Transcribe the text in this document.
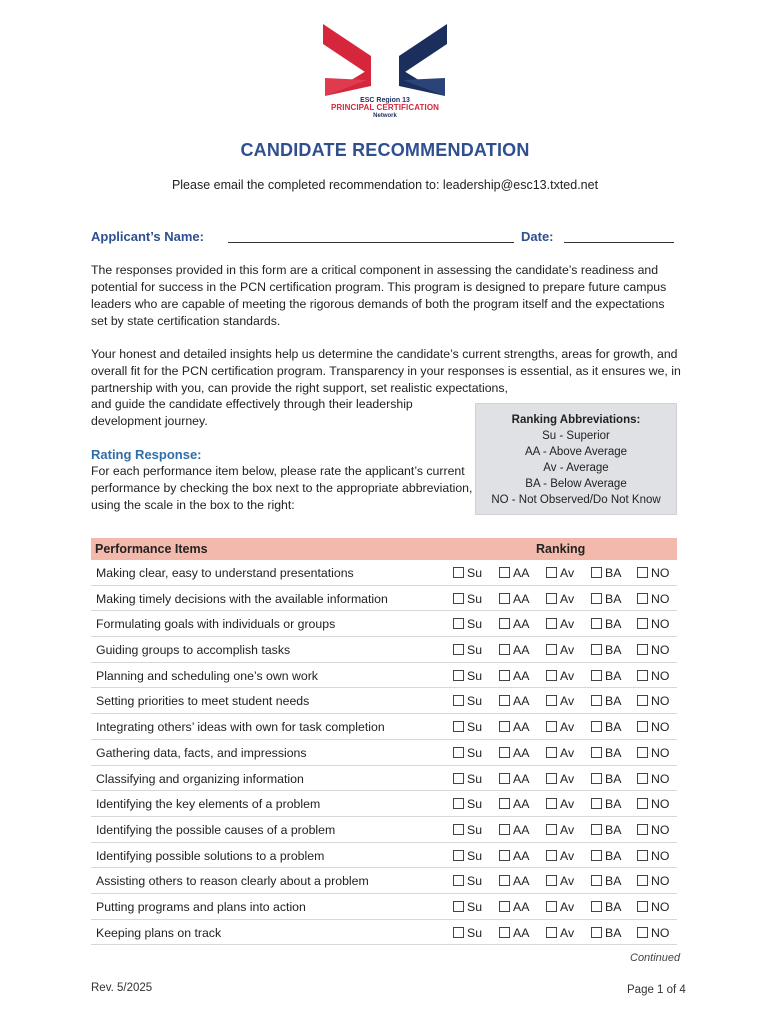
ESC Region 13
PRINCIPAL CERTIFICATION
Network
CANDIDATE RECOMMENDATION
Please email the completed recommendation to: leadership@esc13.txted.net
Applicant’s Name:	Date:

The responses provided in this form are a critical component in assessing the candidate’s readiness and potential for success in the PCN certification program. This program is designed to prepare future campus leaders who are capable of meeting the rigorous demands of both the program itself and the expectations set by state certification standards.

Your honest and detailed insights help us determine the candidate’s current strengths, areas for growth, and overall fit for the PCN certification program. Transparency in your responses is essential, as it ensures we, in partnership with you, can provide the right support, set realistic expectations,

and guide the candidate effectively through their leadership development journey.

Rating Response:
For each performance item below, please rate the applicant’s current performance by checking the box next to the appropriate abbreviation, using the scale in the box to the right:
Ranking Abbreviations:
Su - Superior
AA - Above Average
Av - Average
BA - Below Average
NO - Not Observed/Do Not Know
Performance Items	Ranking
Making clear, easy to understand presentations	Su	AA	Av	BA	NO
Making timely decisions with the available information	Su	AA	Av	BA	NO
Formulating goals with individuals or groups	Su	AA	Av	BA	NO
Guiding groups to accomplish tasks	Su	AA	Av	BA	NO
Planning and scheduling one’s own work	Su	AA	Av	BA	NO
Setting priorities to meet student needs	Su	AA	Av	BA	NO
Integrating others’ ideas with own for task completion	Su	AA	Av	BA	NO
Gathering data, facts, and impressions	Su	AA	Av	BA	NO
Classifying and organizing information	Su	AA	Av	BA	NO
Identifying the key elements of a problem	Su	AA	Av	BA	NO
Identifying the possible causes of a problem	Su	AA	Av	BA	NO
Identifying possible solutions to a problem	Su	AA	Av	BA	NO
Assisting others to reason clearly about a problem	Su	AA	Av	BA	NO
Putting programs and plans into action	Su	AA	Av	BA	NO
Keeping plans on track	Su	AA	Av	BA	NO
Continued
Rev. 5/2025	Page 1 of 4
